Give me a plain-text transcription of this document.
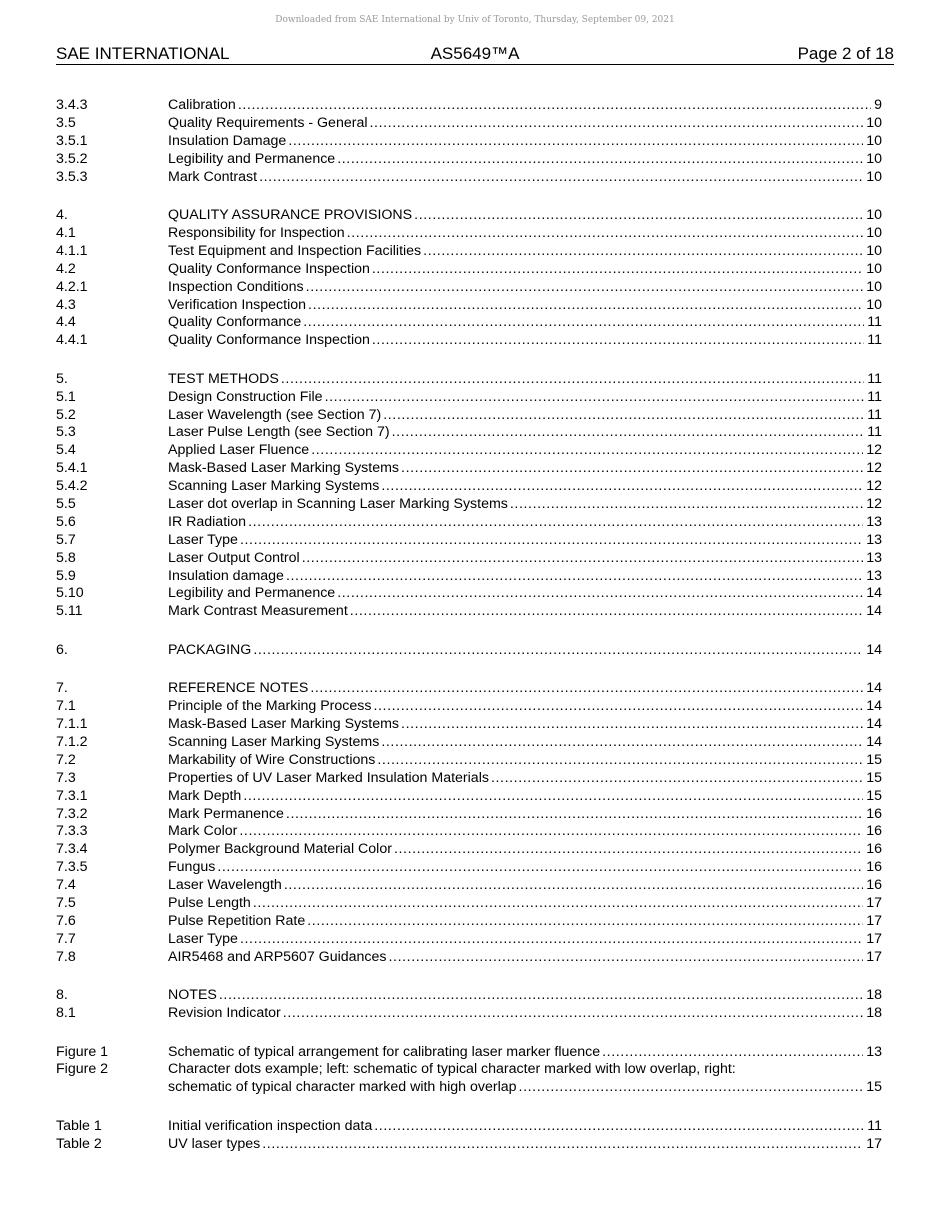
Downloaded from SAE International by Univ of Toronto, Thursday, September 09, 2021
SAE INTERNATIONAL	AS5649™A	Page 2 of 18
3.4.3	Calibration .....	9
3.5	Quality Requirements - General .....	10
3.5.1	Insulation Damage .....	10
3.5.2	Legibility and Permanence .....	10
3.5.3	Mark Contrast .....	10
4.	QUALITY ASSURANCE PROVISIONS .....	10
4.1	Responsibility for Inspection .....	10
4.1.1	Test Equipment and Inspection Facilities .....	10
4.2	Quality Conformance Inspection .....	10
4.2.1	Inspection Conditions .....	10
4.3	Verification Inspection .....	10
4.4	Quality Conformance .....	11
4.4.1	Quality Conformance Inspection .....	11
5.	TEST METHODS .....	11
5.1	Design Construction File .....	11
5.2	Laser Wavelength (see Section 7) .....	11
5.3	Laser Pulse Length (see Section 7) .....	11
5.4	Applied Laser Fluence .....	12
5.4.1	Mask-Based Laser Marking Systems .....	12
5.4.2	Scanning Laser Marking Systems .....	12
5.5	Laser dot overlap in Scanning Laser Marking Systems .....	12
5.6	IR Radiation .....	13
5.7	Laser Type .....	13
5.8	Laser Output Control .....	13
5.9	Insulation damage .....	13
5.10	Legibility and Permanence .....	14
5.11	Mark Contrast Measurement .....	14
6.	PACKAGING .....	14
7.	REFERENCE NOTES .....	14
7.1	Principle of the Marking Process .....	14
7.1.1	Mask-Based Laser Marking Systems .....	14
7.1.2	Scanning Laser Marking Systems .....	14
7.2	Markability of Wire Constructions .....	15
7.3	Properties of UV Laser Marked Insulation Materials .....	15
7.3.1	Mark Depth .....	15
7.3.2	Mark Permanence .....	16
7.3.3	Mark Color .....	16
7.3.4	Polymer Background Material Color .....	16
7.3.5	Fungus .....	16
7.4	Laser Wavelength .....	16
7.5	Pulse Length .....	17
7.6	Pulse Repetition Rate .....	17
7.7	Laser Type .....	17
7.8	AIR5468 and ARP5607 Guidances .....	17
8.	NOTES .....	18
8.1	Revision Indicator .....	18
Figure 1	Schematic of typical arrangement for calibrating laser marker fluence .....	13
Figure 2	Character dots example; left: schematic of typical character marked with low overlap, right:
schematic of typical character marked with high overlap .....	15
Table 1	Initial verification inspection data .....	11
Table 2	UV laser types .....	17
